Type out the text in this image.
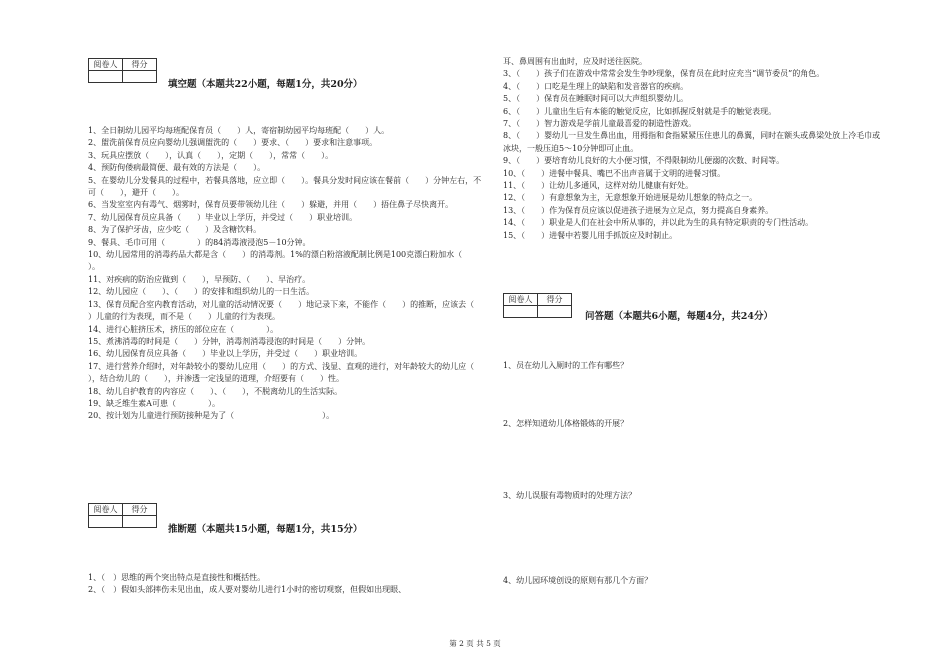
阅卷人	得分

填空题（本题共22小题，每题1分，共20分）

1、全日制幼儿园平均每班配保育员（　　）人，寄宿制幼园平均每班配（　　）人。

2、盥洗前保育员应向婴幼儿强调盥洗的（　　）要求、（　　）要求和注意事项。

3、玩具应摆放（　　），认真（　　），定期（　　），常常（　　）。

4、预防佝偻病最简便、最有效的方法是（　　）。

5、在婴幼儿分发餐具的过程中，若餐具落地，应立即（　　）。餐具分发时间应该在餐前（　　）分钟左右，不可（　　），避开（　　）。

6、当发室室内有毒气、烟雾时，保育员要带领幼儿往（　　）躲避，并用（　　）捂住鼻子尽快离开。

7、幼儿园保育员应具备（　　）毕业以上学历，并受过（　　）职业培训。

8、为了保护牙齿，应少吃（　　）及含糖饮料。

9、餐具、毛巾可用（　　　　）的84消毒液浸泡5－10分钟。

10、幼儿园常用的消毒药品大都是含（　　）的消毒剂。1%的漂白粉溶液配制比例是100克漂白粉加水（　　）。

11、对疾病的防治应做到（　　），早预防、（　　）、早治疗。

12、幼儿园应（　　）、（　　）的安排和组织幼儿的一日生活。

13、保育员配合室内教育活动，对儿童的活动情况要（　　）地记录下来，不能作（　　）的推断，应该去（　　）儿童的行为表现，而不是（　　）儿童的行为表现。

14、进行心脏挤压术，挤压的部位应在（　　　　）。

15、煮沸消毒的时间是（　　）分钟，消毒剂消毒浸泡的时间是（　　）分钟。

16、幼儿园保育员应具备（　　）毕业以上学历，并受过（　　）职业培训。

17、进行营养介绍时，对年龄较小的婴幼儿应用（　　）的方式、浅显、直观的进行，对年龄较大的幼儿应（　　），结合幼儿的（　　），并渗透一定浅显的道理，介绍要有（　　）性。

18、幼儿自护教育的内容应（　　）、（　　），不脱离幼儿的生活实际。

19、缺乏维生素A可患（　　　　）。

20、按计划为儿童进行预防接种是为了（　　　　　　　　　　　）。

阅卷人	得分

推断题（本题共15小题，每题1分，共15分）

1、（　）思维的两个突出特点是直接性和概括性。

2、（　）假如头部摔伤未见出血，成人要对婴幼儿进行1小时的密切观察，但假如出现眼、

耳、鼻周围有出血时，应及时送往医院。

3、（　　）孩子们在游戏中常常会发生争吵现象，保育员在此时应充当“调节委员”的角色。

4、（　　）口吃是生理上的缺陷和发音器官的疾病。

5、（　　）保育员在睡眠时间可以大声组织婴幼儿。

6、（　　）儿童出生后有本能的触觉反应，比如抓握反射就是手的触觉表现。

7、（　　）智力游戏是学前儿童最喜爱的制造性游戏。

8、（　　）婴幼儿一旦发生鼻出血，用拇指和食指紧紧压住患儿的鼻翼，同时在额头或鼻梁处放上冷毛巾或冰块，一般压迫5～10分钟即可止血。

9、（　　）要培育幼儿良好的大小便习惯，不得限制幼儿便溺的次数、时间等。

10、（　　）进餐中餐具、嘴巴不出声音属于文明的进餐习惯。

11、（　　）让幼儿多通风，这样对幼儿健康有好处。

12、（　　）有意想象为主，无意想象开始进展是幼儿想象的特点之一。

13、（　　）作为保育员应该以促进孩子进展为立足点，努力提高自身素养。

14、（　　）职业是人们在社会中所从事的，并以此为生的具有特定职责的专门性活动。

15、（　　）进餐中若婴儿用手抓饭应及时制止。

阅卷人	得分

问答题（本题共6小题，每题4分，共24分）

1、员在幼儿入厕时的工作有哪些？

2、怎样知道幼儿体格锻炼的开展？

3、幼儿误服有毒物质时的处理方法？

4、幼儿园环境创设的原则有那几个方面？

第 2 页 共 5 页
